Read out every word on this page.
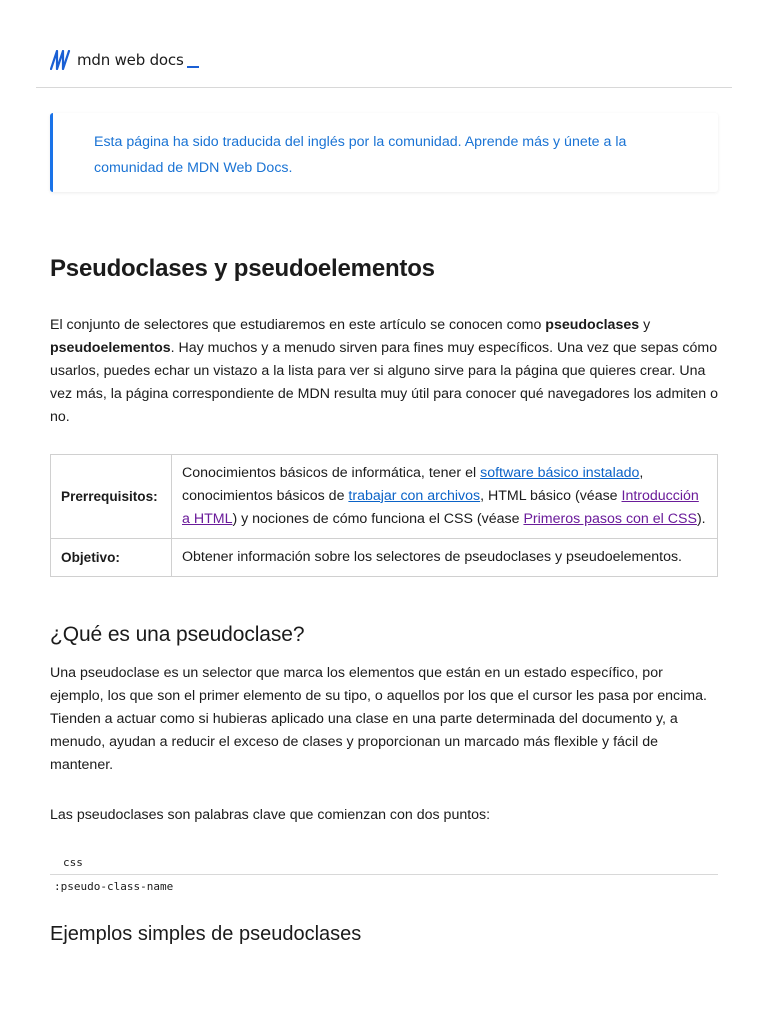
mdn web docs

Esta página ha sido traducida del inglés por la comunidad. Aprende más y únete a la comunidad de MDN Web Docs.

Pseudoclases y pseudoelementos

El conjunto de selectores que estudiaremos en este artículo se conocen como pseudoclases y pseudoelementos. Hay muchos y a menudo sirven para fines muy específicos. Una vez que sepas cómo usarlos, puedes echar un vistazo a la lista para ver si alguno sirve para la página que quieres crear. Una vez más, la página correspondiente de MDN resulta muy útil para conocer qué navegadores los admiten o no.

Prerrequisitos:	Conocimientos básicos de informática, tener el software básico instalado, conocimientos básicos de trabajar con archivos, HTML básico (véase Introducción a HTML) y nociones de cómo funciona el CSS (véase Primeros pasos con el CSS).
Objetivo:	Obtener información sobre los selectores de pseudoclases y pseudoelementos.
¿Qué es una pseudoclase?

Una pseudoclase es un selector que marca los elementos que están en un estado específico, por ejemplo, los que son el primer elemento de su tipo, o aquellos por los que el cursor les pasa por encima. Tienden a actuar como si hubieras aplicado una clase en una parte determinada del documento y, a menudo, ayudan a reducir el exceso de clases y proporcionan un marcado más flexible y fácil de mantener.

Las pseudoclases son palabras clave que comienzan con dos puntos:

css
:pseudo-class-name
Ejemplos simples de pseudoclases
